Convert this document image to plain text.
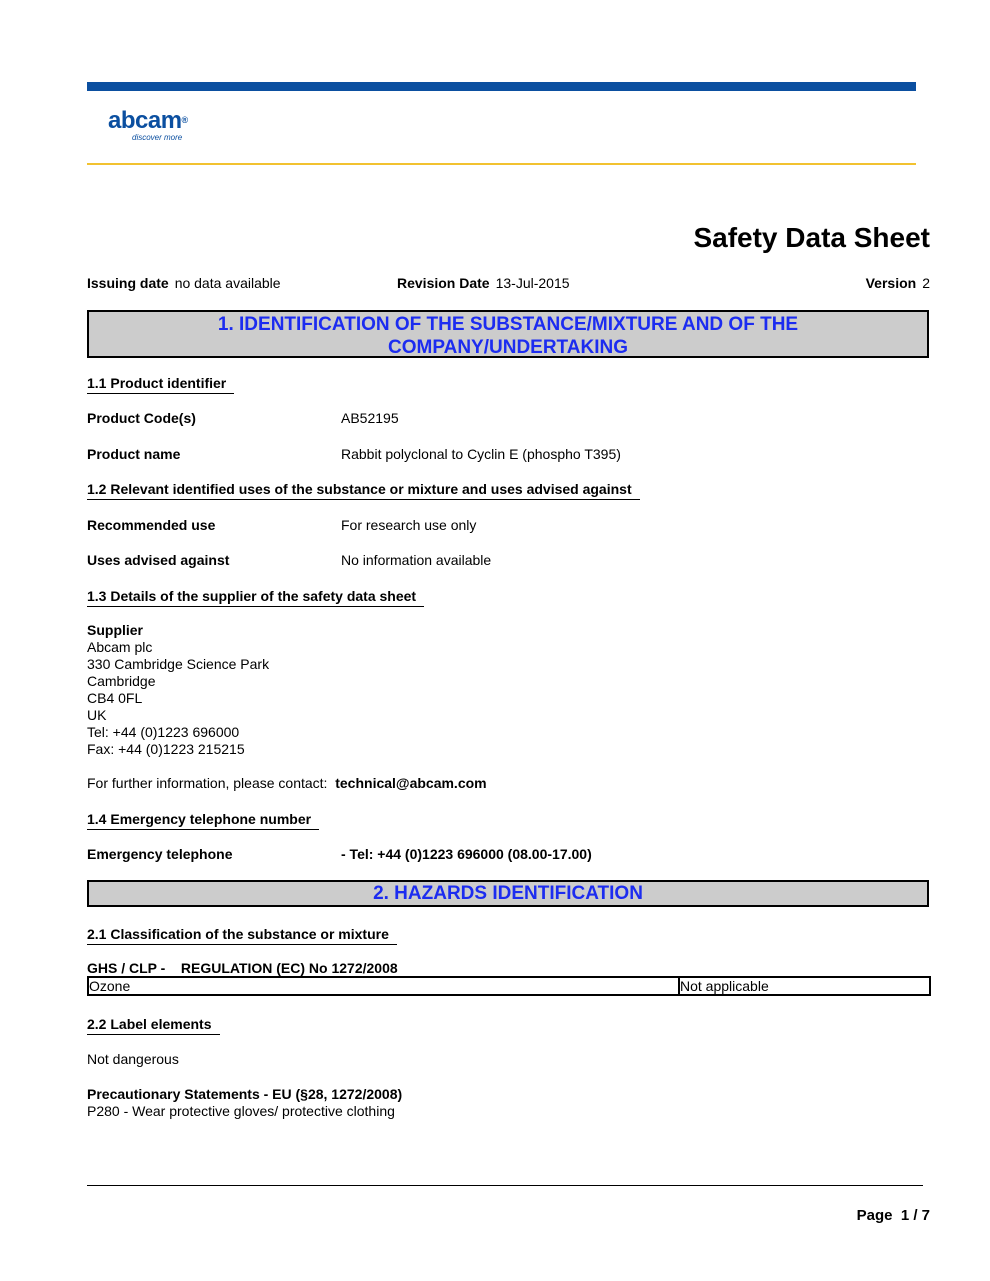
abcam®
discover more
Safety Data Sheet
Issuing date no data available	Revision Date 13-Jul-2015	Version 2
1. IDENTIFICATION OF THE SUBSTANCE/MIXTURE AND OF THE
COMPANY/UNDERTAKING
1.1 Product identifier
Product Code(s)	AB52195
Product name	Rabbit polyclonal to Cyclin E (phospho T395)
1.2 Relevant identified uses of the substance or mixture and uses advised against
Recommended use	For research use only
Uses advised against	No information available
1.3 Details of the supplier of the safety data sheet
Supplier
Abcam plc
330 Cambridge Science Park
Cambridge
CB4 0FL
UK
Tel: +44 (0)1223 696000
Fax: +44 (0)1223 215215
For further information, please contact: technical@abcam.com
1.4 Emergency telephone number
Emergency telephone	- Tel: +44 (0)1223 696000 (08.00-17.00)
2. HAZARDS IDENTIFICATION
2.1 Classification of the substance or mixture
GHS / CLP -    REGULATION (EC) No 1272/2008
Ozone	Not applicable
2.2 Label elements
Not dangerous
Precautionary Statements - EU (§28, 1272/2008)
P280 - Wear protective gloves/ protective clothing
Page 1 / 7
